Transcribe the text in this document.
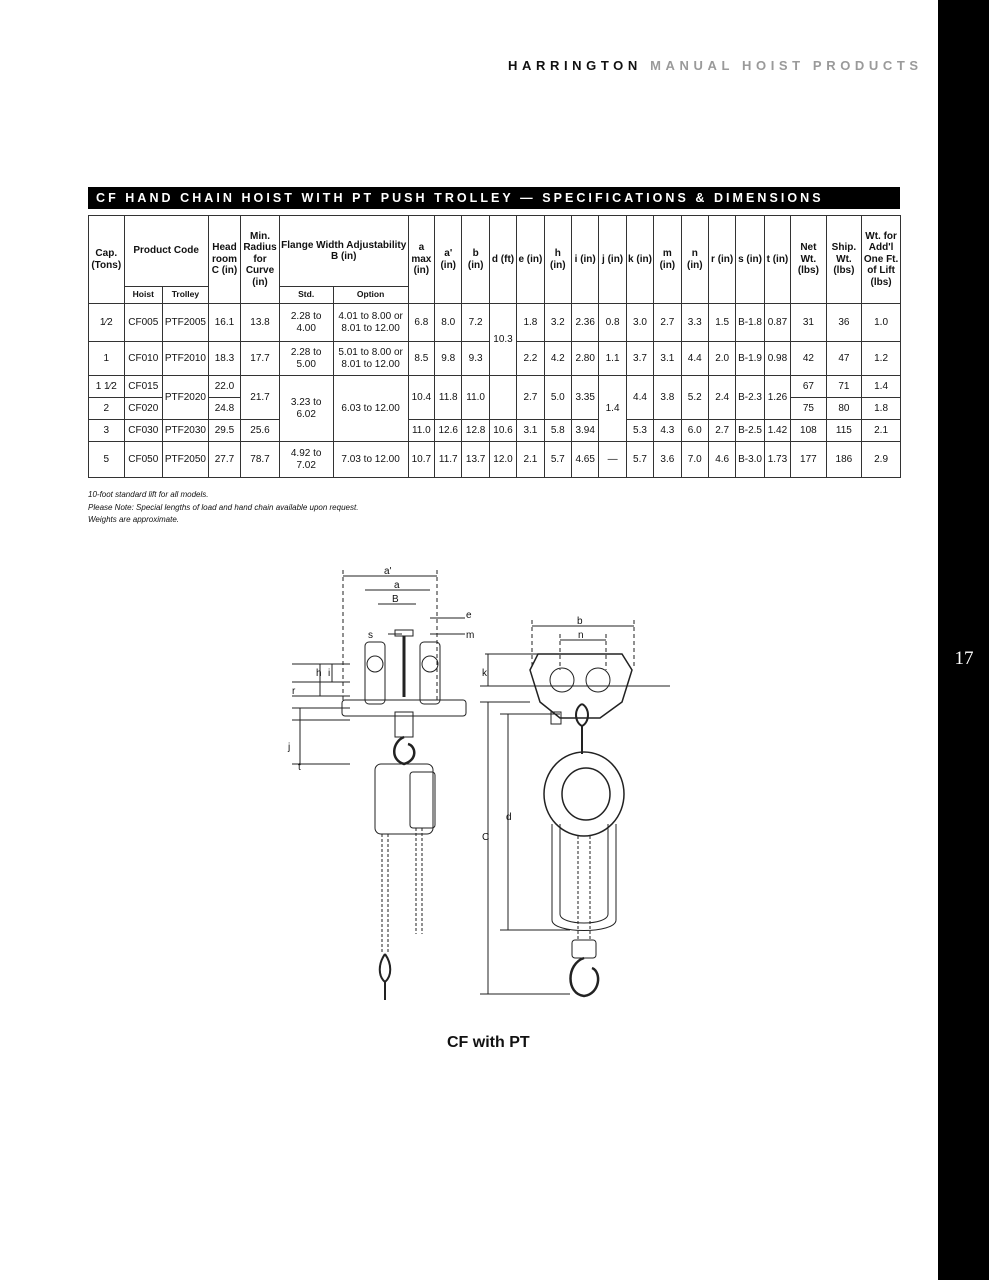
17
HARRINGTON MANUAL HOIST PRODUCTS
CF HAND CHAIN HOIST WITH PT PUSH TROLLEY — SPECIFICATIONS & DIMENSIONS
Cap. (Tons)	Product Code		Head room C (in)	Min. Radius for Curve (in)	Flange Width Adjustability B (in)		a max (in)	a' (in)	b (in)	d (ft)	e (in)	h (in)	i (in)	j (in)	k (in)	m (in)	n (in)	r (in)	s (in)	t (in)	Net Wt. (lbs)	Ship. Wt. (lbs)	Wt. for Add'l One Ft. of Lift (lbs)
	Hoist	Trolley			Std.	Option																	
1⁄2	CF005	PTF2005	16.1	13.8	2.28 to 4.00	4.01 to 8.00 or 8.01 to 12.00	6.8	8.0	7.2	10.3	1.8	3.2	2.36	0.8	3.0	2.7	3.3	1.5	B-1.8	0.87	31	36	1.0
1	CF010	PTF2010	18.3	17.7	2.28 to 5.00	5.01 to 8.00 or 8.01 to 12.00	8.5	9.8	9.3		2.2	4.2	2.80	1.1	3.7	3.1	4.4	2.0	B-1.9	0.98	42	47	1.2
1 1⁄2	CF015	PTF2020	22.0	21.7	3.23 to 6.02	6.03 to 12.00	10.4	11.8	11.0		2.7	5.0	3.35	1.4	4.4	3.8	5.2	2.4	B-2.3	1.26	67	71	1.4
2	CF020		24.8																		75	80	1.8
3	CF030	PTF2030	29.5	25.6			11.0	12.6	12.8	10.6	3.1	5.8	3.94		5.3	4.3	6.0	2.7	B-2.5	1.42	108	115	2.1
5	CF050	PTF2050	27.7	78.7	4.92 to 7.02	7.03 to 12.00	10.7	11.7	13.7	12.0	2.1	5.7	4.65	—	5.7	3.6	7.0	4.6	B-3.0	1.73	177	186	2.9
10-foot standard lift for all models.
Please Note: Special lengths of load and hand chain available upon request.
Weights are approximate.
a'
a
B
e
s	m
h i
r
j
t
C
d
b
n
k
CF with PT
